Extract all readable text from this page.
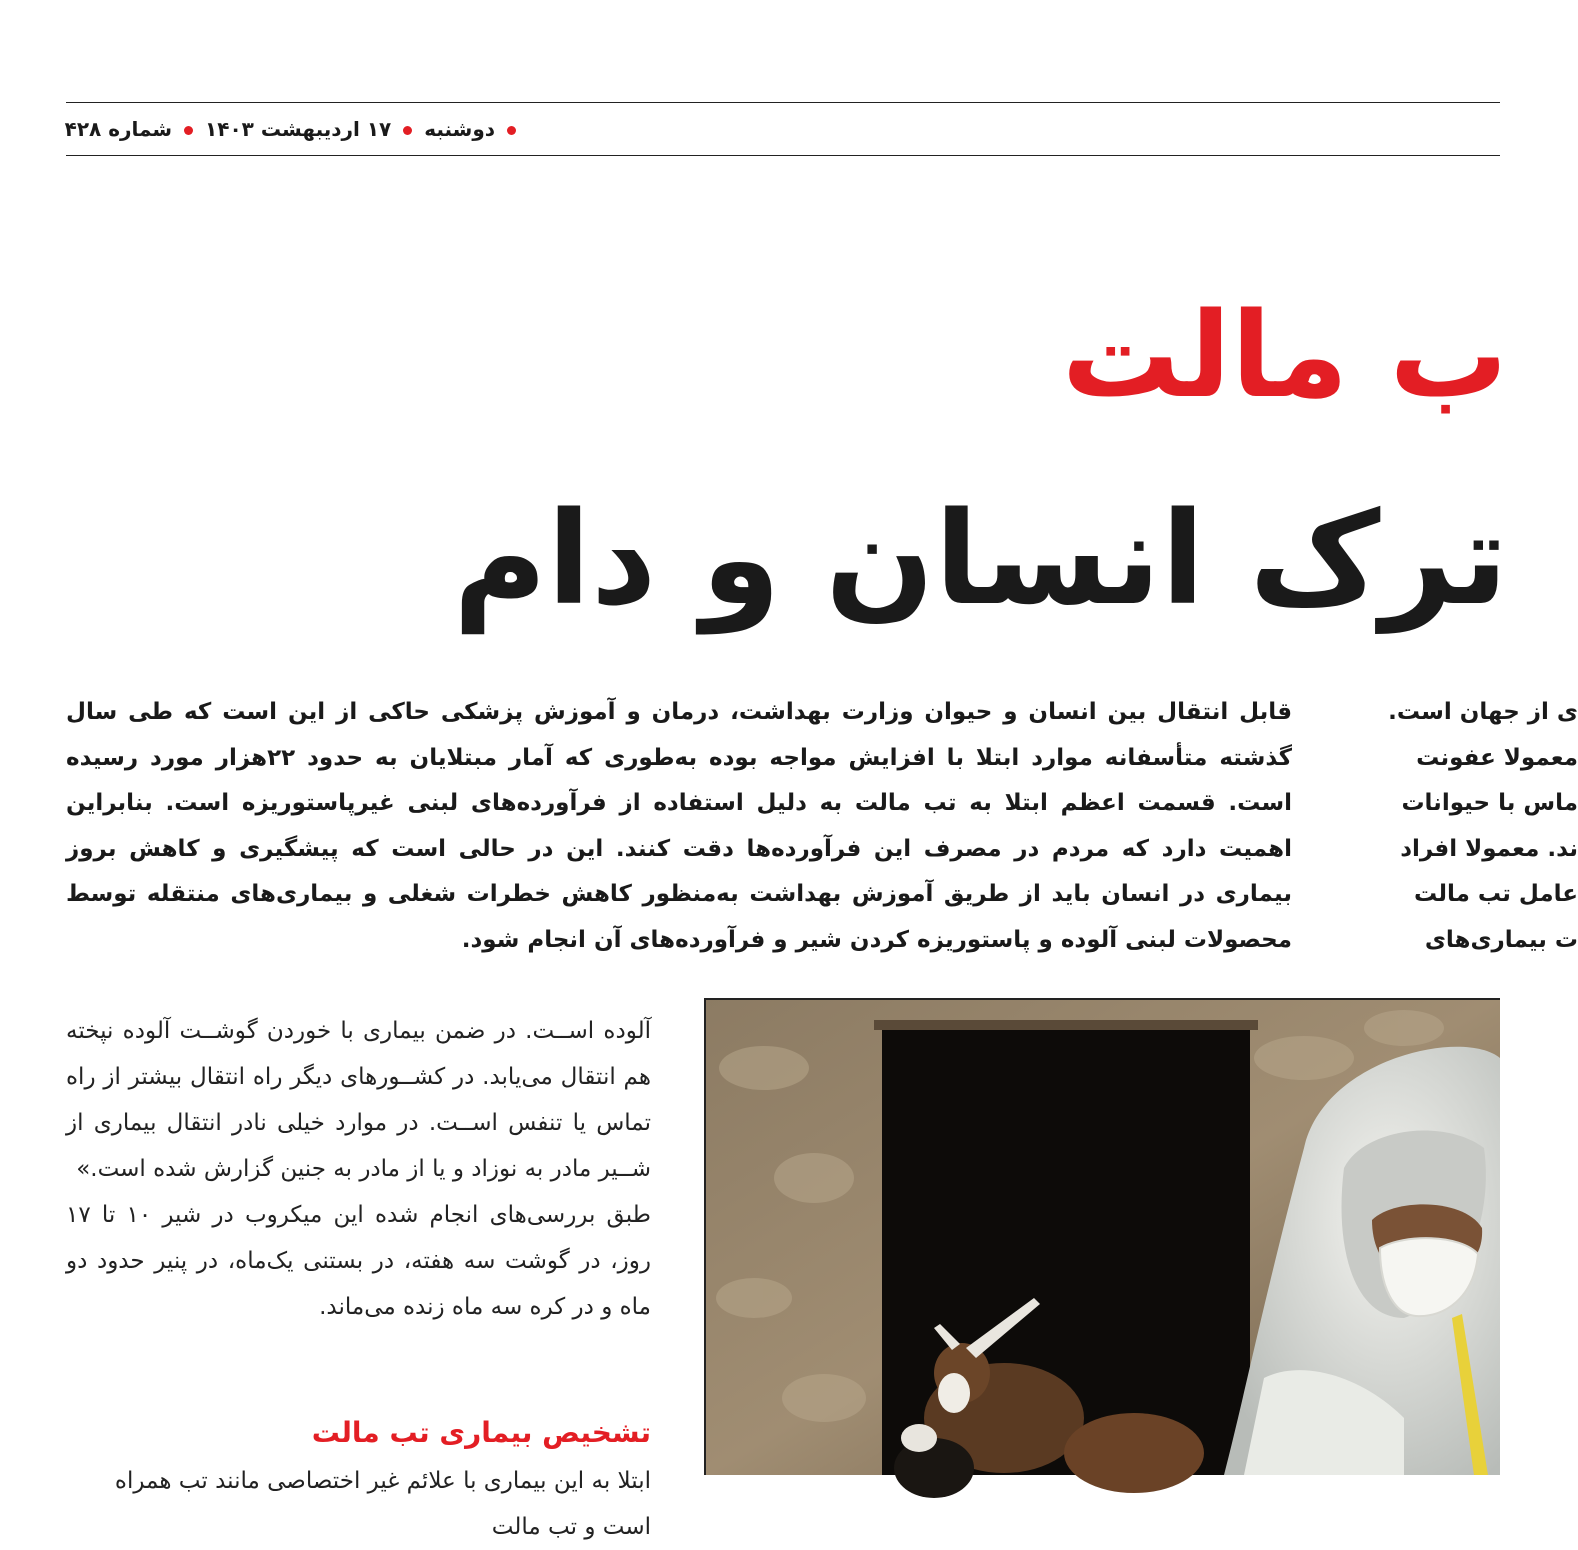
دوشنبه  ۱۷ اردیبهشت ۱۴۰۳  شماره ۴۲۸
ب مالت
ترک انسان و دام
قابل انتقال بین انسان و حیوان وزارت بهداشت، درمان و آموزش پزشکی حاکی از این است که طی سال گذشته متأسفانه موارد ابتلا با افزایش مواجه بوده به‌طوری که آمار مبتلایان به حدود ۲۲هزار مورد رسیده است. قسمت اعظم ابتلا به تب مالت به دلیل استفاده از فرآورده‌های لبنی غیرپاستوریزه است. بنابراین اهمیت دارد که مردم در مصرف این فرآورده‌ها دقت کنند. این در حالی است که پیشگیری و کاهش بروز بیماری در انسان باید از طریق آموزش بهداشت به‌منظور کاهش خطرات شغلی و بیماری‌های منتقله توسط محصولات لبنی آلوده و پاستوریزه کردن شیر و فرآورده‌های آن انجام شود.
ی از جهان است.
معمولا عفونت
ماس با حیوانات
ند. معمولا افراد
عامل تب مالت
ت بیماری‌های

آلوده اســت. در ضمن بیماری با خوردن گوشــت آلوده نپخته هم انتقال می‌یابد. در کشــورهای دیگر راه انتقال بیشتر از راه تماس یا تنفس اســت. در موارد خیلی نادر انتقال بیماری از شــیر مادر به نوزاد و یا از مادر به جنین گزارش شده است.»

طبق بررسی‌های انجام شده این میکروب در شیر ۱۰ تا ۱۷ روز، در گوشت سه هفته، در بستنی یک‌ماه، در پنیر حدود دو ماه و در کره سه ماه زنده می‌ماند.

تشخیص بیماری تب مالت
ابتلا به این بیماری با علائم غیر اختصاصی مانند تب همراه است و تب مالت
